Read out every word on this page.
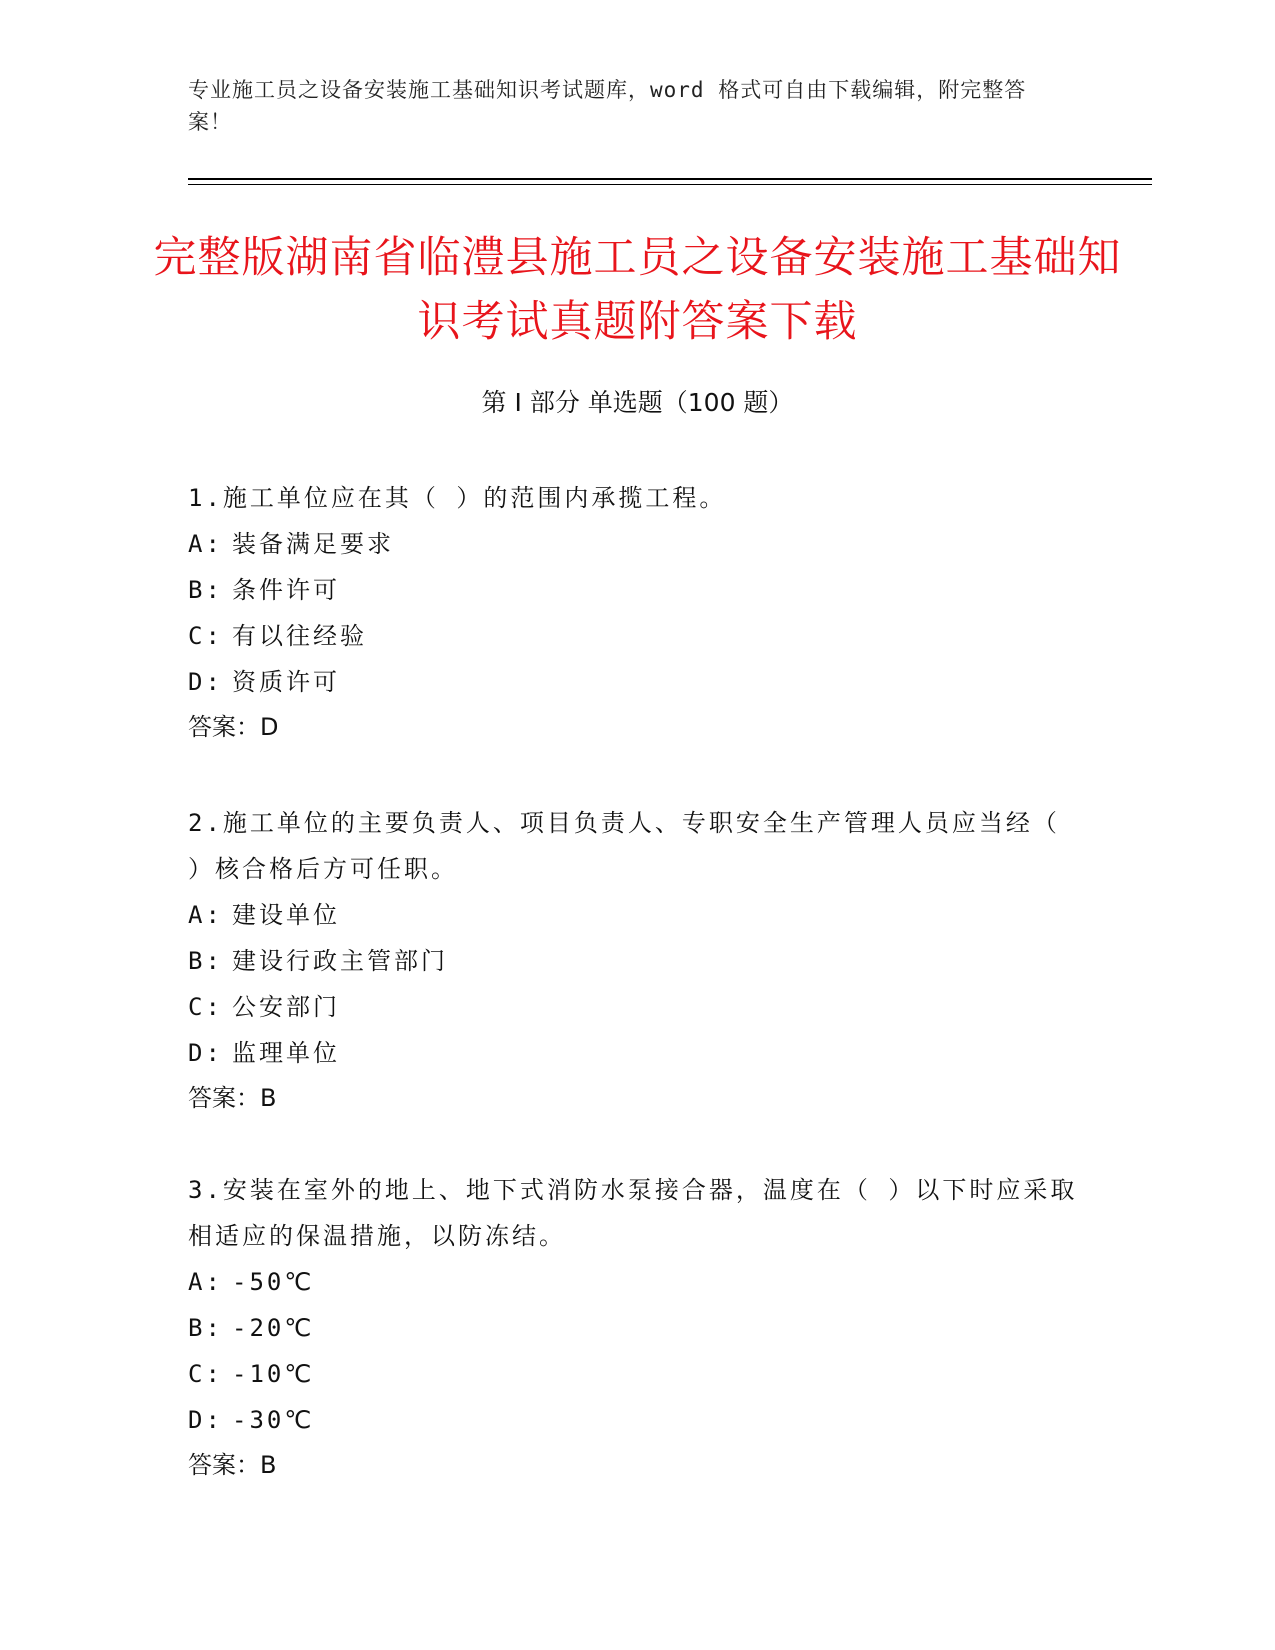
专业施工员之设备安装施工基础知识考试题库，word 格式可自由下载编辑，附完整答案！
完整版湖南省临澧县施工员之设备安装施工基础知识考试真题附答案下载
第 I 部分 单选题（100 题）

1.施工单位应在其（ ）的范围内承揽工程。

A: 装备满足要求

B: 条件许可

C: 有以往经验

D: 资质许可

答案：D

2.施工单位的主要负责人、项目负责人、专职安全生产管理人员应当经（ ）核合格后方可任职。

A: 建设单位

B: 建设行政主管部门

C: 公安部门

D: 监理单位

答案：B

3.安装在室外的地上、地下式消防水泵接合器，温度在（ ）以下时应采取相适应的保温措施，以防冻结。

A: -50℃

B: -20℃

C: -10℃

D: -30℃

答案：B
